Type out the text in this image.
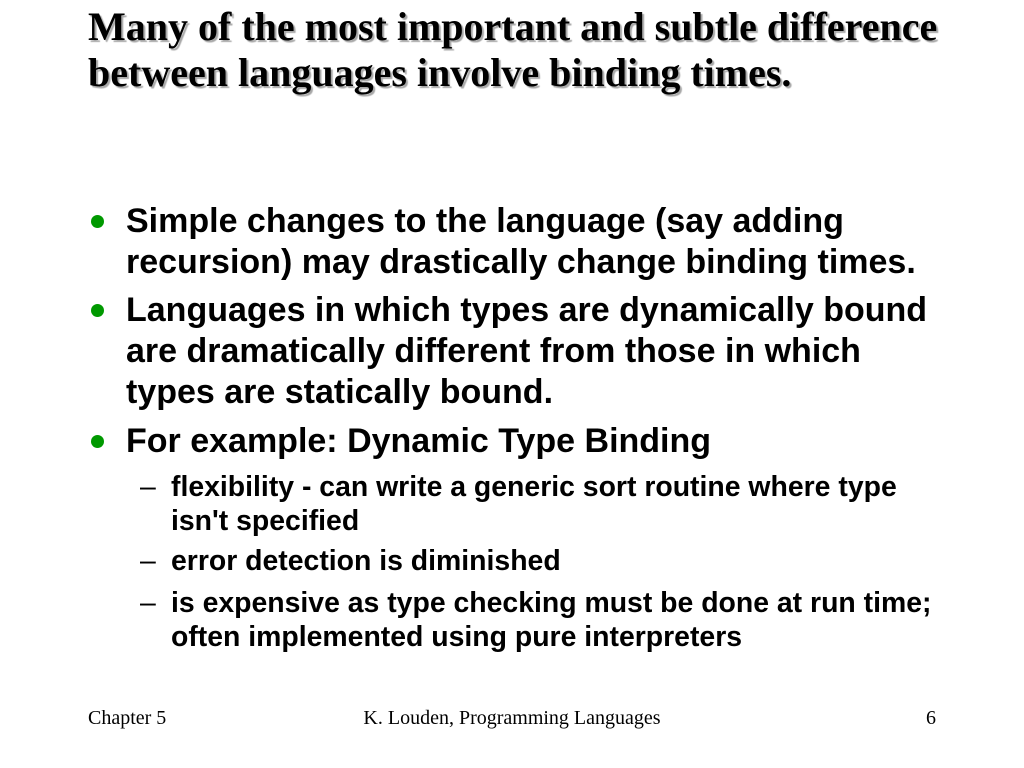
Many of the most important and subtle difference
between languages involve binding times.
Simple changes to the language (say adding
recursion) may drastically change binding times.
Languages in which types are dynamically bound
are dramatically different from those in which
types are statically bound.
For example: Dynamic Type Binding
– flexibility - can write a generic sort routine where type
isn't specified
– error detection is diminished
– is expensive as type checking must be done at run time;
often implemented using pure interpreters
Chapter 5	K. Louden, Programming Languages	6
